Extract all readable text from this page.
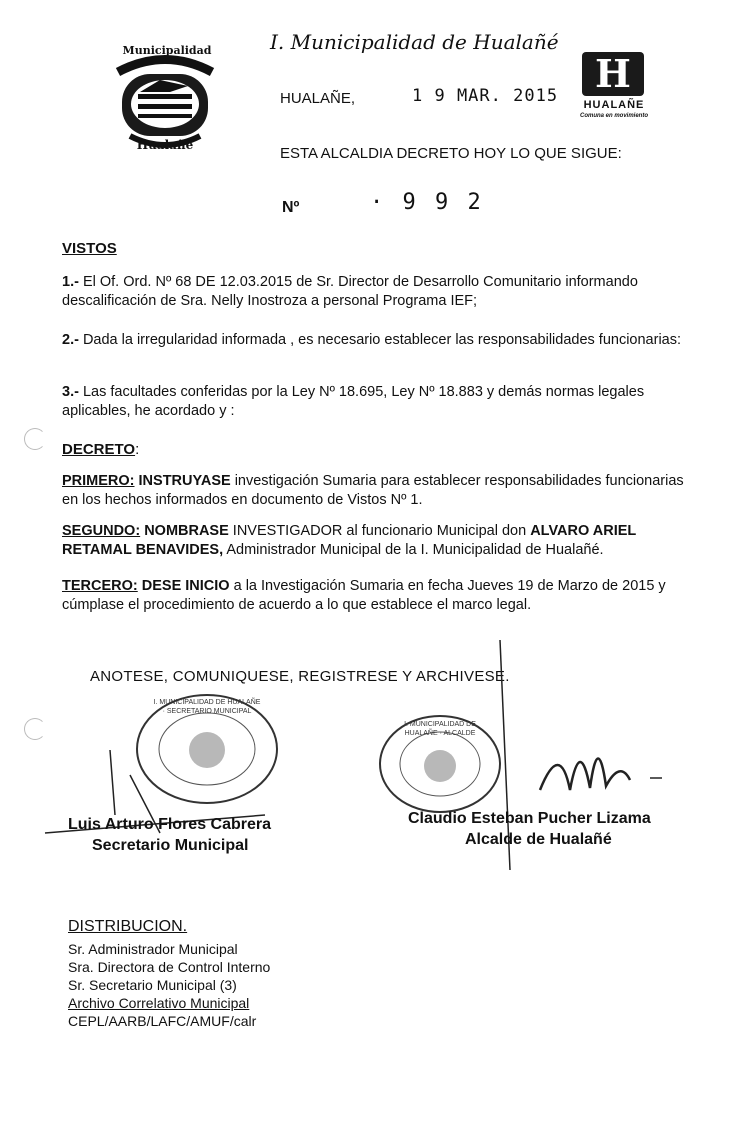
Municipalidad
Hualañé
I. Municipalidad de Hualañé
H
HUALAÑE
Comuna en movimiento
HUALAÑE,	1 9 MAR. 2015
ESTA ALCALDIA DECRETO HOY LO QUE SIGUE:
Nº	· 9 9 2
VISTOS
1.- El Of. Ord. Nº 68 DE 12.03.2015 de Sr. Director de Desarrollo Comunitario informando descalificación de Sra. Nelly Inostroza a personal Programa IEF;
2.- Dada la irregularidad informada , es necesario establecer las responsabilidades funcionarias:
3.- Las facultades conferidas por la Ley Nº 18.695, Ley Nº 18.883 y demás normas legales aplicables, he acordado y :
DECRETO:
PRIMERO: INSTRUYASE investigación Sumaria para establecer responsabilidades funcionarias en los hechos informados en documento de Vistos Nº 1.
SEGUNDO: NOMBRASE INVESTIGADOR al funcionario Municipal don ALVARO ARIEL RETAMAL BENAVIDES, Administrador Municipal de la I. Municipalidad de Hualañé.
TERCERO: DESE INICIO a la Investigación Sumaria en fecha Jueves 19 de Marzo de 2015 y cúmplase el procedimiento de acuerdo a lo que establece el marco legal.
ANOTESE, COMUNIQUESE, REGISTRESE Y ARCHIVESE.
I. MUNICIPALIDAD DE HUALAÑE · SECRETARIO MUNICIPAL
I. MUNICIPALIDAD DE HUALAÑE · ALCALDE
Luis Arturo Flores Cabrera
Secretario Municipal
Claudio Esteban Pucher Lizama
Alcalde de Hualañé
DISTRIBUCION.
Sr. Administrador Municipal
Sra. Directora de Control Interno
Sr. Secretario Municipal (3)
Archivo Correlativo Municipal
CEPL/AARB/LAFC/AMUF/calr
